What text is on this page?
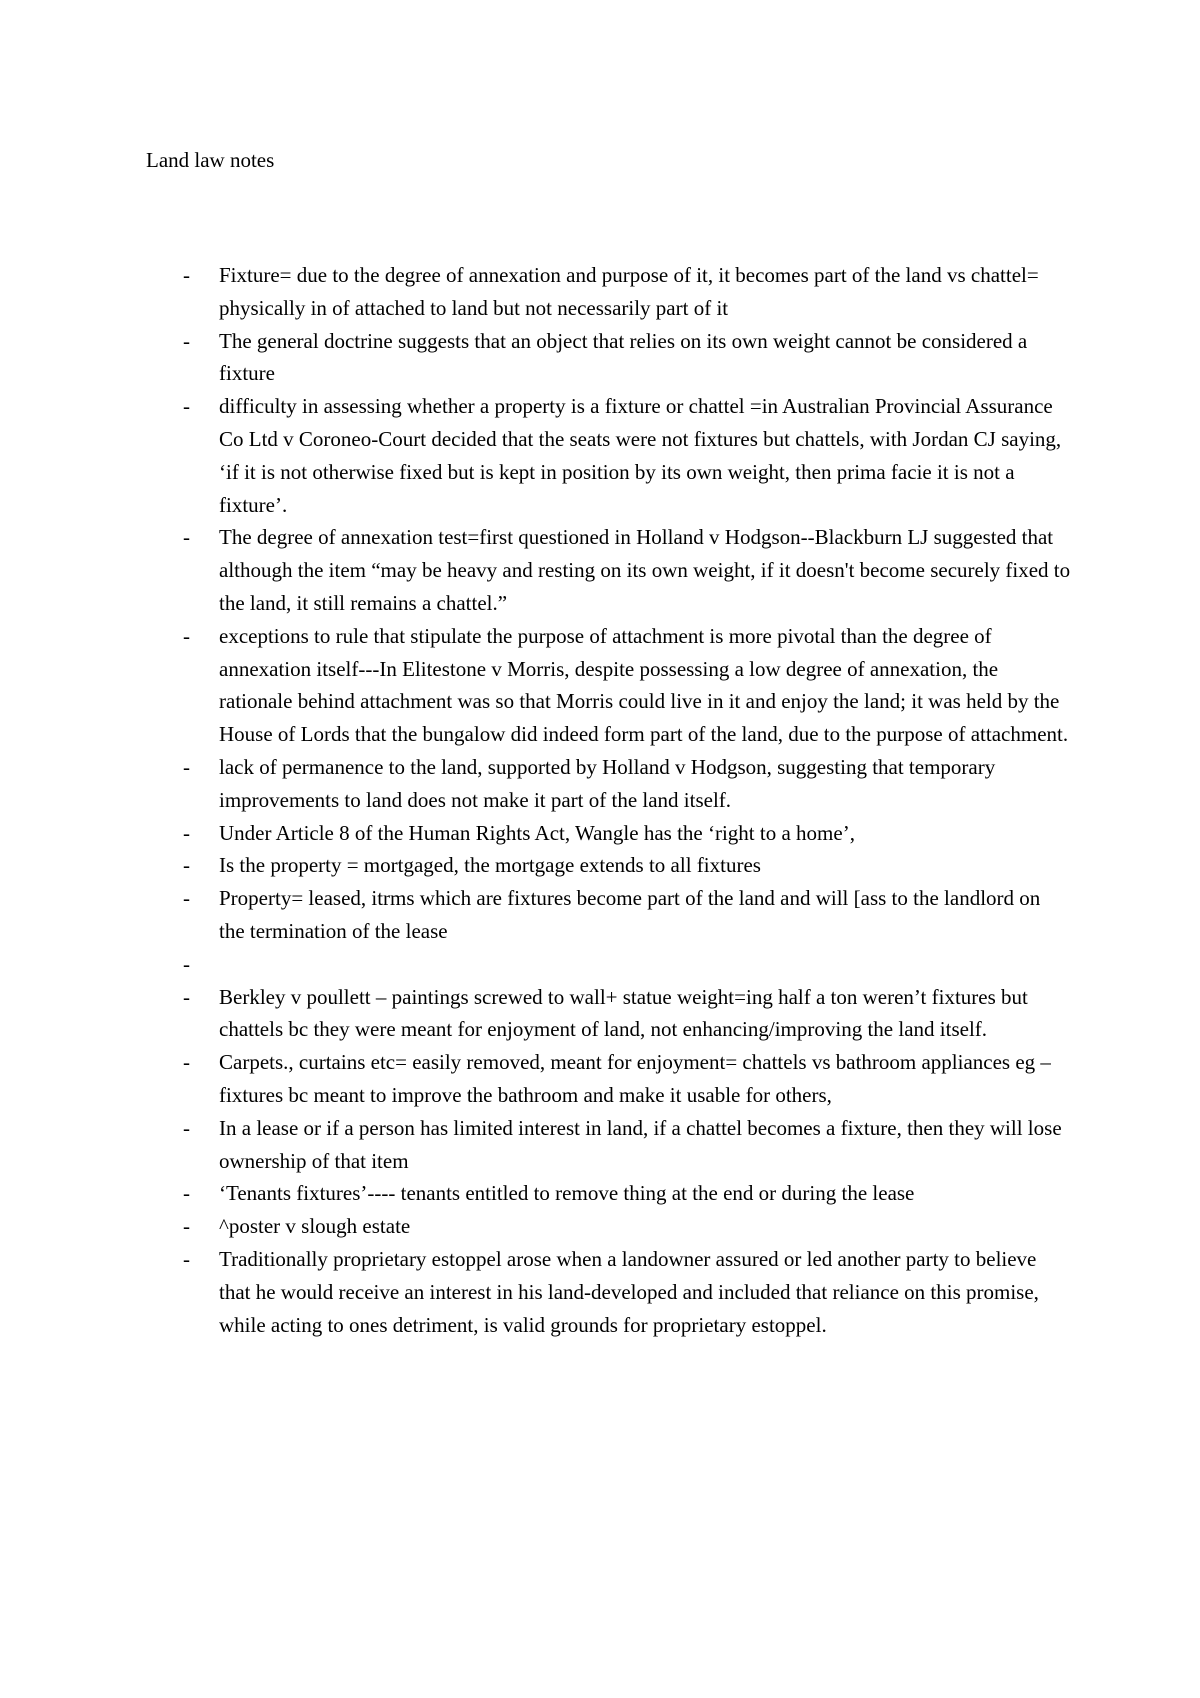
Land law notes
- Fixture= due to the degree of annexation and purpose of it, it becomes part of the land vs chattel= physically in of attached to land but not necessarily part of it
- The general doctrine suggests that an object that relies on its own weight cannot be considered a fixture
- difficulty in assessing whether a property is a fixture or chattel =in Australian Provincial Assurance Co Ltd v Coroneo-Court decided that the seats were not fixtures but chattels, with Jordan CJ saying, ‘if it is not otherwise fixed but is kept in position by its own weight, then prima facie it is not a fixture’.
- The degree of annexation test=first questioned in Holland v Hodgson--Blackburn LJ suggested that although the item “may be heavy and resting on its own weight, if it doesn't become securely fixed to the land, it still remains a chattel.”
- exceptions to rule that stipulate the purpose of attachment is more pivotal than the degree of annexation itself---In Elitestone v Morris, despite possessing a low degree of annexation, the rationale behind attachment was so that Morris could live in it and enjoy the land; it was held by the House of Lords that the bungalow did indeed form part of the land, due to the purpose of attachment.
- lack of permanence to the land, supported by Holland v Hodgson, suggesting that temporary improvements to land does not make it part of the land itself.
- Under Article 8 of the Human Rights Act, Wangle has the ‘right to a home’,
- Is the property = mortgaged, the mortgage extends to all fixtures
- Property= leased, itrms which are fixtures become part of the land and will [ass to the landlord on the termination of the lease
-
- Berkley v poullett – paintings screwed to wall+ statue weight=ing half a ton weren’t fixtures but chattels bc they were meant for enjoyment of land, not enhancing/improving the land itself.
- Carpets., curtains etc= easily removed, meant for enjoyment= chattels vs bathroom appliances eg – fixtures bc meant to improve the bathroom and make it usable for others,
- In a lease or if a person has limited interest in land, if a chattel becomes a fixture, then they will lose ownership of that item
- ‘Tenants fixtures’---- tenants entitled to remove thing at the end or during the lease
- ^poster v slough estate
- Traditionally proprietary estoppel arose when a landowner assured or led another party to believe that he would receive an interest in his land-developed and included that reliance on this promise, while acting to ones detriment, is valid grounds for proprietary estoppel.
